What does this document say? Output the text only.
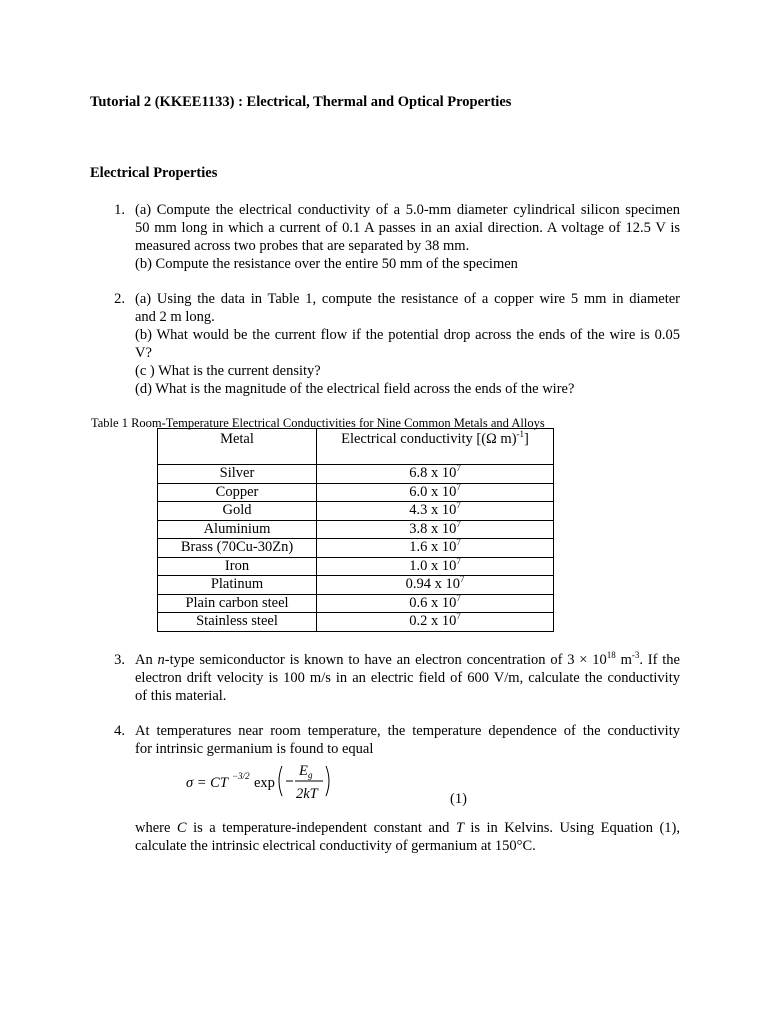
Tutorial 2 (KKEE1133) : Electrical, Thermal and Optical Properties
Electrical Properties
1. (a) Compute the electrical conductivity of a 5.0-mm diameter cylindrical silicon specimen
50 mm long in which a current of 0.1 A passes in an axial direction. A voltage of 12.5 V is
measured across two probes that are separated by 38 mm.
(b) Compute the resistance over the entire 50 mm of the specimen
2. (a) Using the data in Table 1, compute the resistance of a copper wire 5 mm in diameter
and 2 m long.
(b) What would be the current flow if the potential drop across the ends of the wire is 0.05
V?
(c ) What is the current density?
(d) What is the magnitude of the electrical field across the ends of the wire?
Table 1 Room-Temperature Electrical Conductivities for Nine Common Metals and Alloys
Metal	Electrical conductivity [(Ω m)$^{-1}$]
Silver	6.8 x $10^7$
Copper	6.0 x $10^7$
Gold	4.3 x $10^7$
Aluminium	3.8 x $10^7$
Brass (70Cu-30Zn)	1.6 x $10^7$
Iron	1.0 x $10^7$
Platinum	0.94 x $10^7$
Plain carbon steel	0.6 x $10^7$
Stainless steel	0.2 x $10^7$
3. An n-type semiconductor is known to have an electron concentration of $3 \times 10^{18}$ $m^{-3}$. If the
electron drift velocity is 100 m/s in an electric field of 600 V/m, calculate the conductivity
of this material.
4. At temperatures near room temperature, the temperature dependence of the conductivity
for intrinsic germanium is found to equal
σ = CT −3/2 exp
E g
2kT	(1)
where C is a temperature-independent constant and T is in Kelvins. Using Equation (1),
calculate the intrinsic electrical conductivity of germanium at 150°C.
